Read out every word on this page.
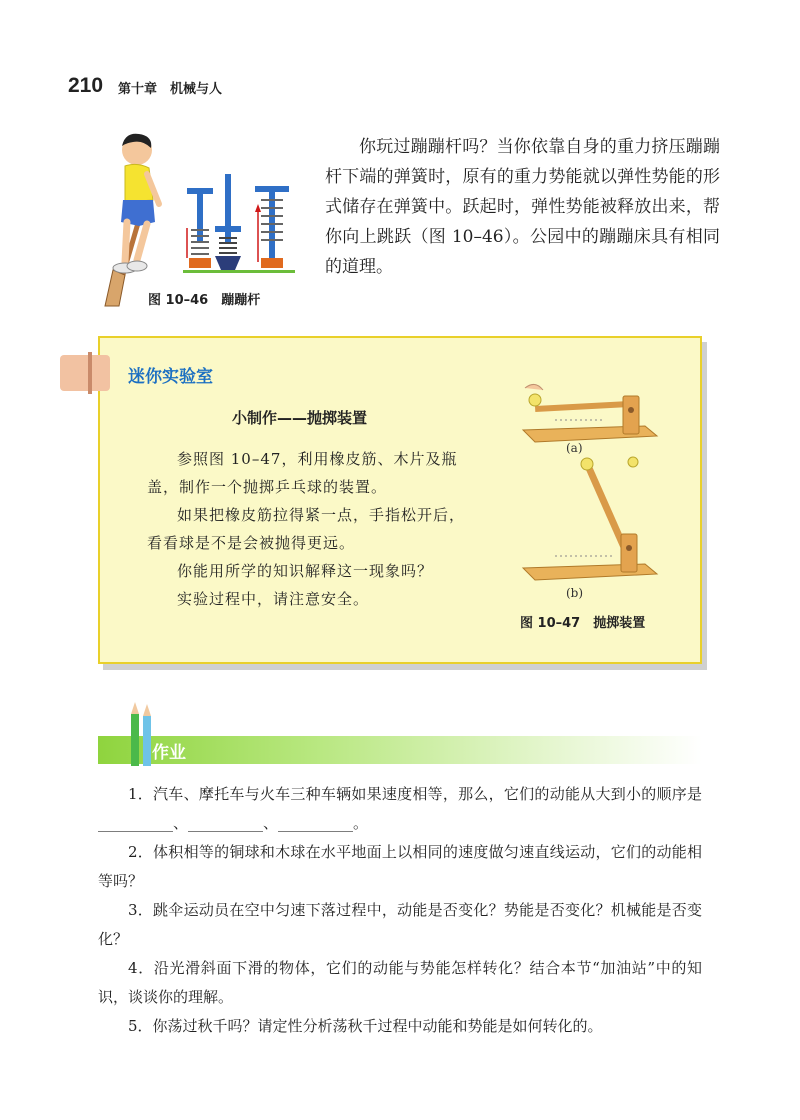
210 第十章　机械与人
图 10–46　蹦蹦杆

你玩过蹦蹦杆吗？当你依靠自身的重力挤压蹦蹦杆下端的弹簧时，原有的重力势能就以弹性势能的形式储存在弹簧中。跃起时，弹性势能被释放出来，帮你向上跳跃（图 10–46）。公园中的蹦蹦床具有相同的道理。

迷你实验室
小制作——抛掷装置

参照图 10–47，利用橡皮筋、木片及瓶

盖，制作一个抛掷乒乓球的装置。

如果把橡皮筋拉得紧一点，手指松开后，

看看球是不是会被抛得更远。

你能用所学的知识解释这一现象吗？

实验过程中，请注意安全。

(a)
(b)
图 10–47　抛掷装置
作业

1．汽车、摩托车与火车三种车辆如果速度相等，那么，它们的动能从大到小的顺序是 __________、__________、__________。

2．体积相等的铜球和木球在水平地面上以相同的速度做匀速直线运动，它们的动能相等吗？

3．跳伞运动员在空中匀速下落过程中，动能是否变化？势能是否变化？机械能是否变化？

4．沿光滑斜面下滑的物体，它们的动能与势能怎样转化？结合本节“加油站”中的知识，谈谈你的理解。

5．你荡过秋千吗？请定性分析荡秋千过程中动能和势能是如何转化的。
